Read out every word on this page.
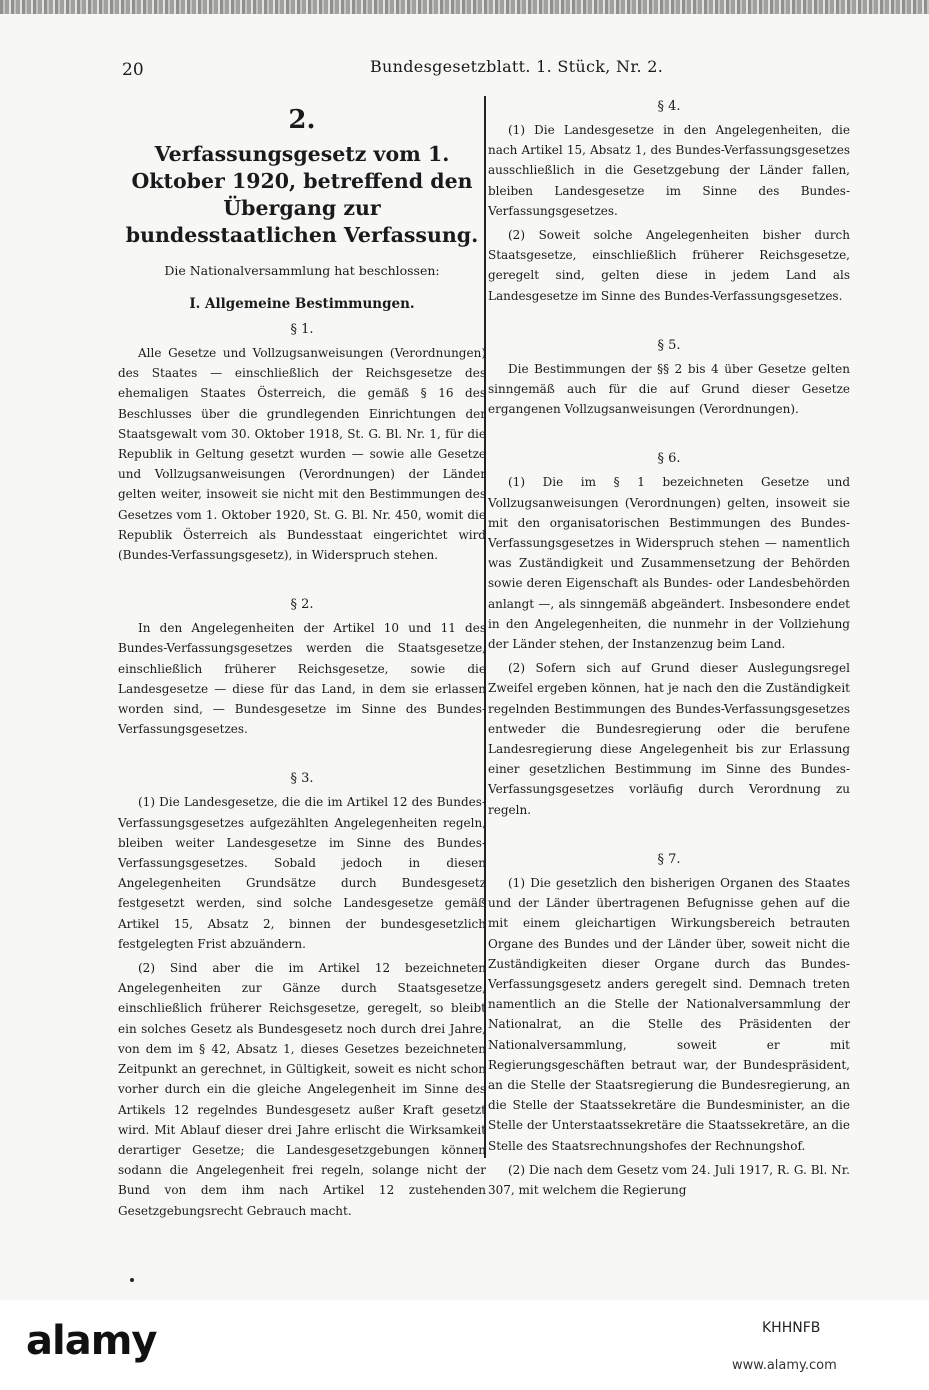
20	Bundesgesetzblatt. 1. Stück, Nr. 2.
2.
Verfassungsgesetz vom 1. Oktober 1920, betreffend den Übergang zur bundesstaatlichen Verfassung.
Die Nationalversammlung hat beschlossen:
I. Allgemeine Bestimmungen.
§ 1.

Alle Gesetze und Vollzugsanweisungen (Verordnungen) des Staates — einschließlich der Reichsgesetze des ehemaligen Staates Österreich, die gemäß § 16 des Beschlusses über die grundlegenden Einrichtungen der Staatsgewalt vom 30. Oktober 1918, St. G. Bl. Nr. 1, für die Republik in Geltung gesetzt wurden — sowie alle Gesetze und Vollzugsanweisungen (Verordnungen) der Länder gelten weiter, insoweit sie nicht mit den Bestimmungen des Gesetzes vom 1. Oktober 1920, St. G. Bl. Nr. 450, womit die Republik Österreich als Bundesstaat eingerichtet wird (Bundes-Verfassungsgesetz), in Widerspruch stehen.

§ 2.

In den Angelegenheiten der Artikel 10 und 11 des Bundes-Verfassungsgesetzes werden die Staatsgesetze, einschließlich früherer Reichsgesetze, sowie die Landesgesetze — diese für das Land, in dem sie erlassen worden sind, — Bundesgesetze im Sinne des Bundes-Verfassungsgesetzes.

§ 3.

(1) Die Landesgesetze, die die im Artikel 12 des Bundes-Verfassungsgesetzes aufgezählten Angelegenheiten regeln, bleiben weiter Landesgesetze im Sinne des Bundes-Verfassungsgesetzes. Sobald jedoch in diesen Angelegenheiten Grundsätze durch Bundesgesetz festgesetzt werden, sind solche Landesgesetze gemäß Artikel 15, Absatz 2, binnen der bundesgesetzlich festgelegten Frist abzuändern.

(2) Sind aber die im Artikel 12 bezeichneten Angelegenheiten zur Gänze durch Staatsgesetze, einschließlich früherer Reichsgesetze, geregelt, so bleibt ein solches Gesetz als Bundesgesetz noch durch drei Jahre, von dem im § 42, Absatz 1, dieses Gesetzes bezeichneten Zeitpunkt an gerechnet, in Gültigkeit, soweit es nicht schon vorher durch ein die gleiche Angelegenheit im Sinne des Artikels 12 regelndes Bundesgesetz außer Kraft gesetzt wird. Mit Ablauf dieser drei Jahre erlischt die Wirksamkeit derartiger Gesetze; die Landesgesetzgebungen können sodann die Angelegenheit frei regeln, solange nicht der Bund von dem ihm nach Artikel 12 zustehenden Gesetzgebungsrecht Gebrauch macht.

§ 4.

(1) Die Landesgesetze in den Angelegenheiten, die nach Artikel 15, Absatz 1, des Bundes-Verfassungsgesetzes ausschließlich in die Gesetzgebung der Länder fallen, bleiben Landesgesetze im Sinne des Bundes-Verfassungsgesetzes.

(2) Soweit solche Angelegenheiten bisher durch Staatsgesetze, einschließlich früherer Reichsgesetze, geregelt sind, gelten diese in jedem Land als Landesgesetze im Sinne des Bundes-Verfassungsgesetzes.

§ 5.

Die Bestimmungen der §§ 2 bis 4 über Gesetze gelten sinngemäß auch für die auf Grund dieser Gesetze ergangenen Vollzugsanweisungen (Verordnungen).

§ 6.

(1) Die im § 1 bezeichneten Gesetze und Vollzugsanweisungen (Verordnungen) gelten, insoweit sie mit den organisatorischen Bestimmungen des Bundes-Verfassungsgesetzes in Widerspruch stehen — namentlich was Zuständigkeit und Zusammensetzung der Behörden sowie deren Eigenschaft als Bundes- oder Landesbehörden anlangt —, als sinngemäß abgeändert. Insbesondere endet in den Angelegenheiten, die nunmehr in der Vollziehung der Länder stehen, der Instanzenzug beim Land.

(2) Sofern sich auf Grund dieser Auslegungsregel Zweifel ergeben können, hat je nach den die Zuständigkeit regelnden Bestimmungen des Bundes-Verfassungsgesetzes entweder die Bundesregierung oder die berufene Landesregierung diese Angelegenheit bis zur Erlassung einer gesetzlichen Bestimmung im Sinne des Bundes-Verfassungsgesetzes vorläufig durch Verordnung zu regeln.

§ 7.

(1) Die gesetzlich den bisherigen Organen des Staates und der Länder übertragenen Befugnisse gehen auf die mit einem gleichartigen Wirkungsbereich betrauten Organe des Bundes und der Länder über, soweit nicht die Zuständigkeiten dieser Organe durch das Bundes-Verfassungsgesetz anders geregelt sind. Demnach treten namentlich an die Stelle der Nationalversammlung der Nationalrat, an die Stelle des Präsidenten der Nationalversammlung, soweit er mit Regierungsgeschäften betraut war, der Bundespräsident, an die Stelle der Staatsregierung die Bundesregierung, an die Stelle der Staatssekretäre die Bundesminister, an die Stelle der Unterstaatssekretäre die Staatssekretäre, an die Stelle des Staatsrechnungshofes der Rechnungshof.

(2) Die nach dem Gesetz vom 24. Juli 1917, R. G. Bl. Nr. 307, mit welchem die Regierung

alamy	KHHNFB
www.alamy.com
